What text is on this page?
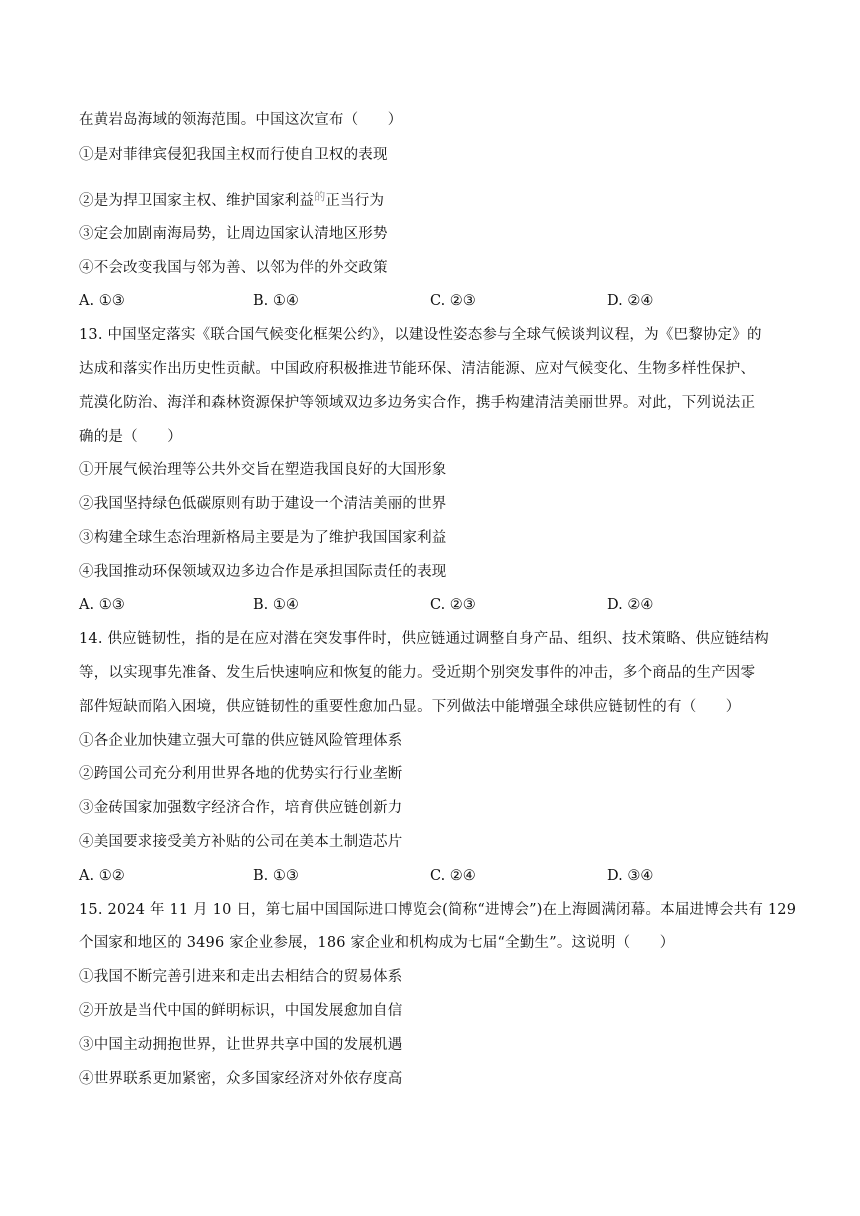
在黄岩岛海域的领海范围。中国这次宣布（　　）
①是对菲律宾侵犯我国主权而行使自卫权的表现
②是为捍卫国家主权、维护国家利益$^的$正当行为
③定会加剧南海局势，让周边国家认清地区形势
④不会改变我国与邻为善、以邻为伴的外交政策
A. ①③	B. ①④	C. ②③	D. ②④
13. 中国坚定落实《联合国气候变化框架公约》，以建设性姿态参与全球气候谈判议程，为《巴黎协定》的
达成和落实作出历史性贡献。中国政府积极推进节能环保、清洁能源、应对气候变化、生物多样性保护、
荒漠化防治、海洋和森林资源保护等领域双边多边务实合作，携手构建清洁美丽世界。对此，下列说法正
确的是（　　）
①开展气候治理等公共外交旨在塑造我国良好的大国形象
②我国坚持绿色低碳原则有助于建设一个清洁美丽的世界
③构建全球生态治理新格局主要是为了维护我国国家利益
④我国推动环保领域双边多边合作是承担国际责任的表现
A. ①③	B. ①④	C. ②③	D. ②④
14. 供应链韧性，指的是在应对潜在突发事件时，供应链通过调整自身产品、组织、技术策略、供应链结构
等，以实现事先准备、发生后快速响应和恢复的能力。受近期个别突发事件的冲击，多个商品的生产因零
部件短缺而陷入困境，供应链韧性的重要性愈加凸显。下列做法中能增强全球供应链韧性的有（　　）
①各企业加快建立强大可靠的供应链风险管理体系
②跨国公司充分利用世界各地的优势实行行业垄断
③金砖国家加强数字经济合作，培育供应链创新力
④美国要求接受美方补贴的公司在美本土制造芯片
A. ①②	B. ①③	C. ②④	D. ③④
15. 2024 年 11 月 10 日，第七届中国国际进口博览会(简称“进博会”)在上海圆满闭幕。本届进博会共有 129
个国家和地区的 3496 家企业参展，186 家企业和机构成为七届“全勤生”。这说明（　　）
①我国不断完善引进来和走出去相结合的贸易体系
②开放是当代中国的鲜明标识，中国发展愈加自信
③中国主动拥抱世界，让世界共享中国的发展机遇
④世界联系更加紧密，众多国家经济对外依存度高
